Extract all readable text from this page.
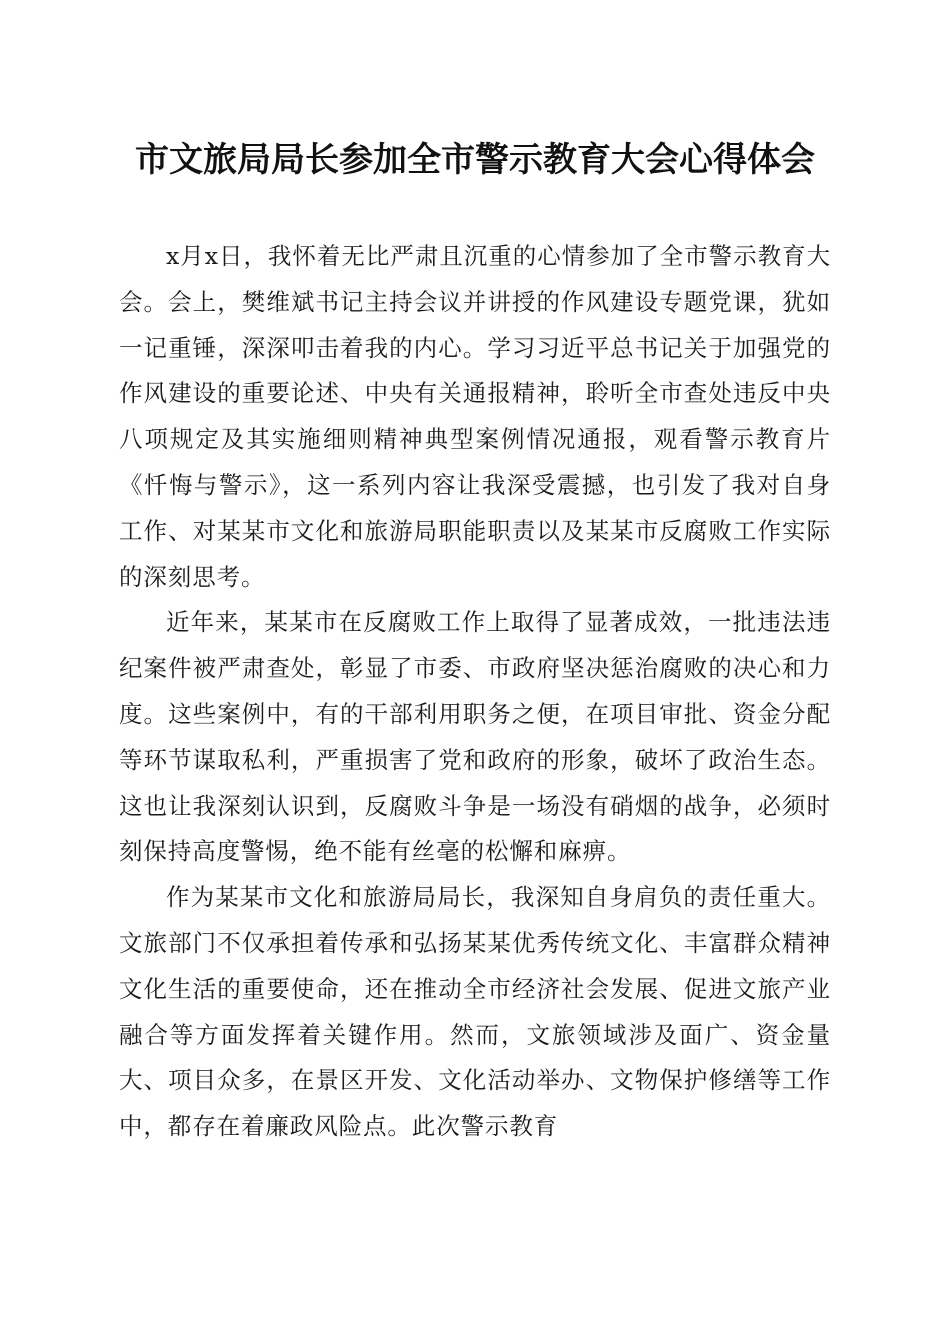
市文旅局局长参加全市警示教育大会心得体会

x月x日，我怀着无比严肃且沉重的心情参加了全市警示教育大会。会上，樊维斌书记主持会议并讲授的作风建设专题党课，犹如一记重锤，深深叩击着我的内心。学习习近平总书记关于加强党的作风建设的重要论述、中央有关通报精神，聆听全市查处违反中央八项规定及其实施细则精神典型案例情况通报，观看警示教育片《忏悔与警示》，这一系列内容让我深受震撼，也引发了我对自身工作、对某某市文化和旅游局职能职责以及某某市反腐败工作实际的深刻思考。

近年来，某某市在反腐败工作上取得了显著成效，一批违法违纪案件被严肃查处，彰显了市委、市政府坚决惩治腐败的决心和力度。这些案例中，有的干部利用职务之便，在项目审批、资金分配等环节谋取私利，严重损害了党和政府的形象，破坏了政治生态。这也让我深刻认识到，反腐败斗争是一场没有硝烟的战争，必须时刻保持高度警惕，绝不能有丝毫的松懈和麻痹。

作为某某市文化和旅游局局长，我深知自身肩负的责任重大。文旅部门不仅承担着传承和弘扬某某优秀传统文化、丰富群众精神文化生活的重要使命，还在推动全市经济社会发展、促进文旅产业融合等方面发挥着关键作用。然而，文旅领域涉及面广、资金量大、项目众多，在景区开发、文化活动举办、文物保护修缮等工作中，都存在着廉政风险点。此次警示教育
